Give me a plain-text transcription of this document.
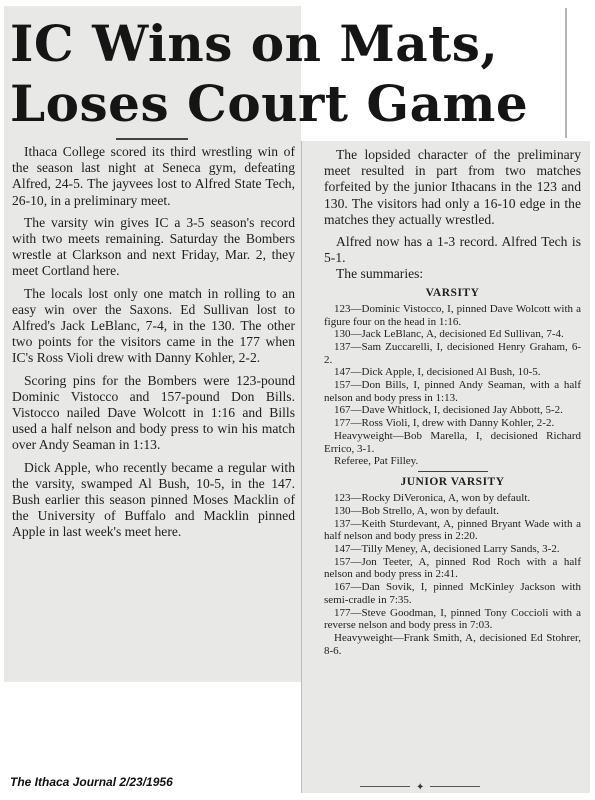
IC Wins on Mats,
Loses Court Game

Ithaca College scored its third wrestling win of the season last night at Seneca gym, defeating Alfred, 24-5. The jayvees lost to Alfred State Tech, 26-10, in a preliminary meet.

The varsity win gives IC a 3-5 season's record with two meets remaining. Saturday the Bombers wrestle at Clarkson and next Friday, Mar. 2, they meet Cortland here.

The locals lost only one match in rolling to an easy win over the Saxons. Ed Sullivan lost to Alfred's Jack LeBlanc, 7-4, in the 130. The other two points for the visitors came in the 177 when IC's Ross Violi drew with Danny Kohler, 2-2.

Scoring pins for the Bombers were 123-pound Dominic Vistocco and 157-pound Don Bills. Vistocco nailed Dave Wolcott in 1:16 and Bills used a half nelson and body press to win his match over Andy Seaman in 1:13.

Dick Apple, who recently became a regular with the varsity, swamped Al Bush, 10-5, in the 147. Bush earlier this season pinned Moses Macklin of the University of Buffalo and Macklin pinned Apple in last week's meet here.

The lopsided character of the preliminary meet resulted in part from two matches forfeited by the junior Ithacans in the 123 and 130. The visitors had only a 16-10 edge in the matches they actually wrestled.

Alfred now has a 1-3 record. Alfred Tech is 5-1.

The summaries:

VARSITY

123—Dominic Vistocco, I, pinned Dave Wolcott with a figure four on the head in 1:16.

130—Jack LeBlanc, A, decisioned Ed Sullivan, 7-4.

137—Sam Zuccarelli, I, decisioned Henry Graham, 6-2.

147—Dick Apple, I, decisioned Al Bush, 10-5.

157—Don Bills, I, pinned Andy Seaman, with a half nelson and body press in 1:13.

167—Dave Whitlock, I, decisioned Jay Abbott, 5-2.

177—Ross Violi, I, drew with Danny Kohler, 2-2.

Heavyweight—Bob Marella, I, decisioned Richard Errico, 3-1.

Referee, Pat Filley.

JUNIOR VARSITY

123—Rocky DiVeronica, A, won by default.

130—Bob Strello, A, won by default.

137—Keith Sturdevant, A, pinned Bryant Wade with a half nelson and body press in 2:20.

147—Tilly Meney, A, decisioned Larry Sands, 3-2.

157—Jon Teeter, A, pinned Rod Roch with a half nelson and body press in 2:41.

167—Dan Sovik, I, pinned McKinley Jackson with semi-cradle in 7:35.

177—Steve Goodman, I, pinned Tony Coccioli with a reverse nelson and body press in 7:03.

Heavyweight—Frank Smith, A, decisioned Ed Stohrer, 8-6.

✦
The Ithaca Journal 2/23/1956
